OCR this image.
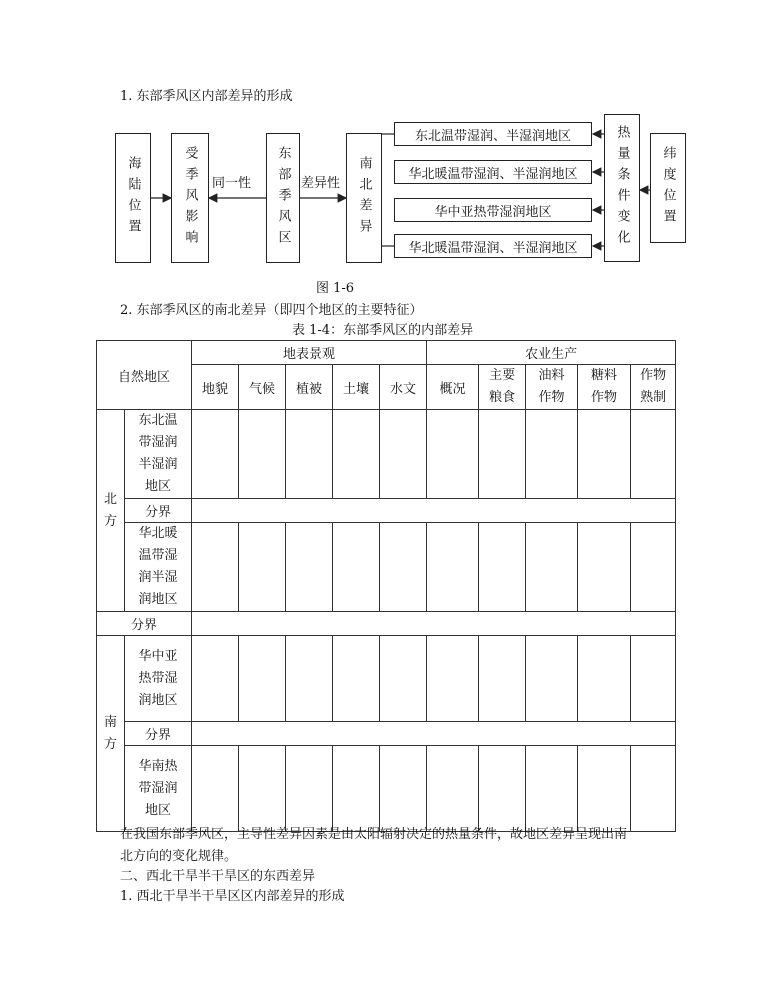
1. 东部季风区内部差异的形成
海陆位置	受季风影响 同一性 东部季风区 差异性 南北差异
东北温带湿润、半湿润地区
华北暖温带湿润、半湿润地区
华中亚热带湿润地区
华北暖温带湿润、半湿润地区	热量条件变化 纬度位置
图 1-6
2. 东部季风区的南北差异（即四个地区的主要特征）
表 1-4：东部季风区的内部差异
自然地区		地表景观					农业生产				
		地貌	气候	植被	土壤	水文	概况	主要粮食	油料作物	糖料作物	作物熟制
北方	东北温带湿润半湿润地区										
	分界										
	华北暖温带湿润半湿润地区										
分界											
南方	华中亚热带湿润地区										
	分界										
	华南热带湿润地区										
在我国东部季风区，主导性差异因素是由太阳辐射决定的热量条件，故地区差异呈现出南
北方向的变化规律。
二、西北干旱半干旱区的东西差异
1. 西北干旱半干旱区区内部差异的形成
